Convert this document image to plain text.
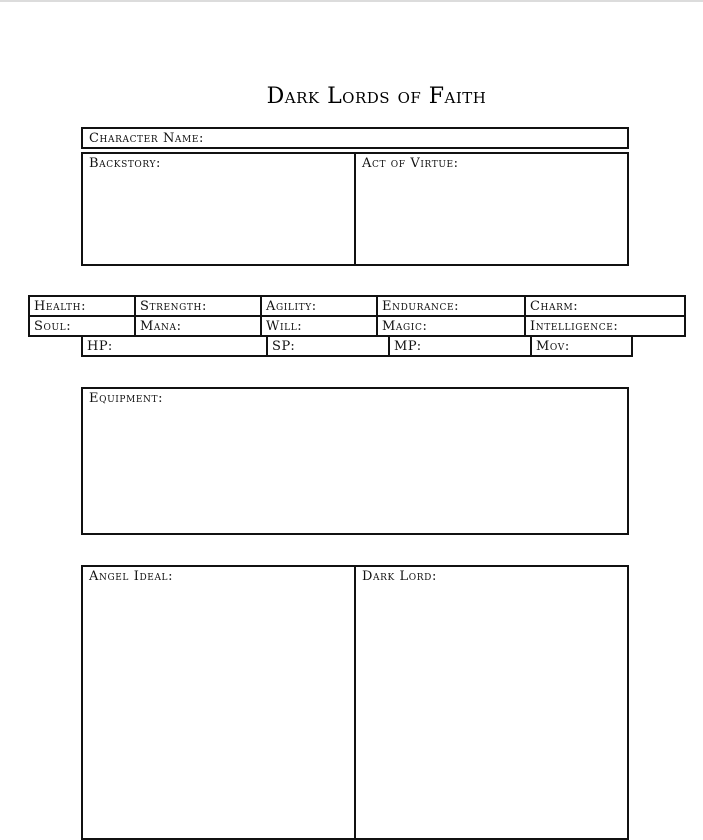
Dark Lords of Faith
Character Name:
Backstory:	Act of Virtue:
Health:	Strength:	Agility:	Endurance:	Charm:
Soul:	Mana:	Will:	Magic:	Intelligence:
HP:	SP:	MP:	Mov:
Equipment:
Angel Ideal:	Dark Lord:
